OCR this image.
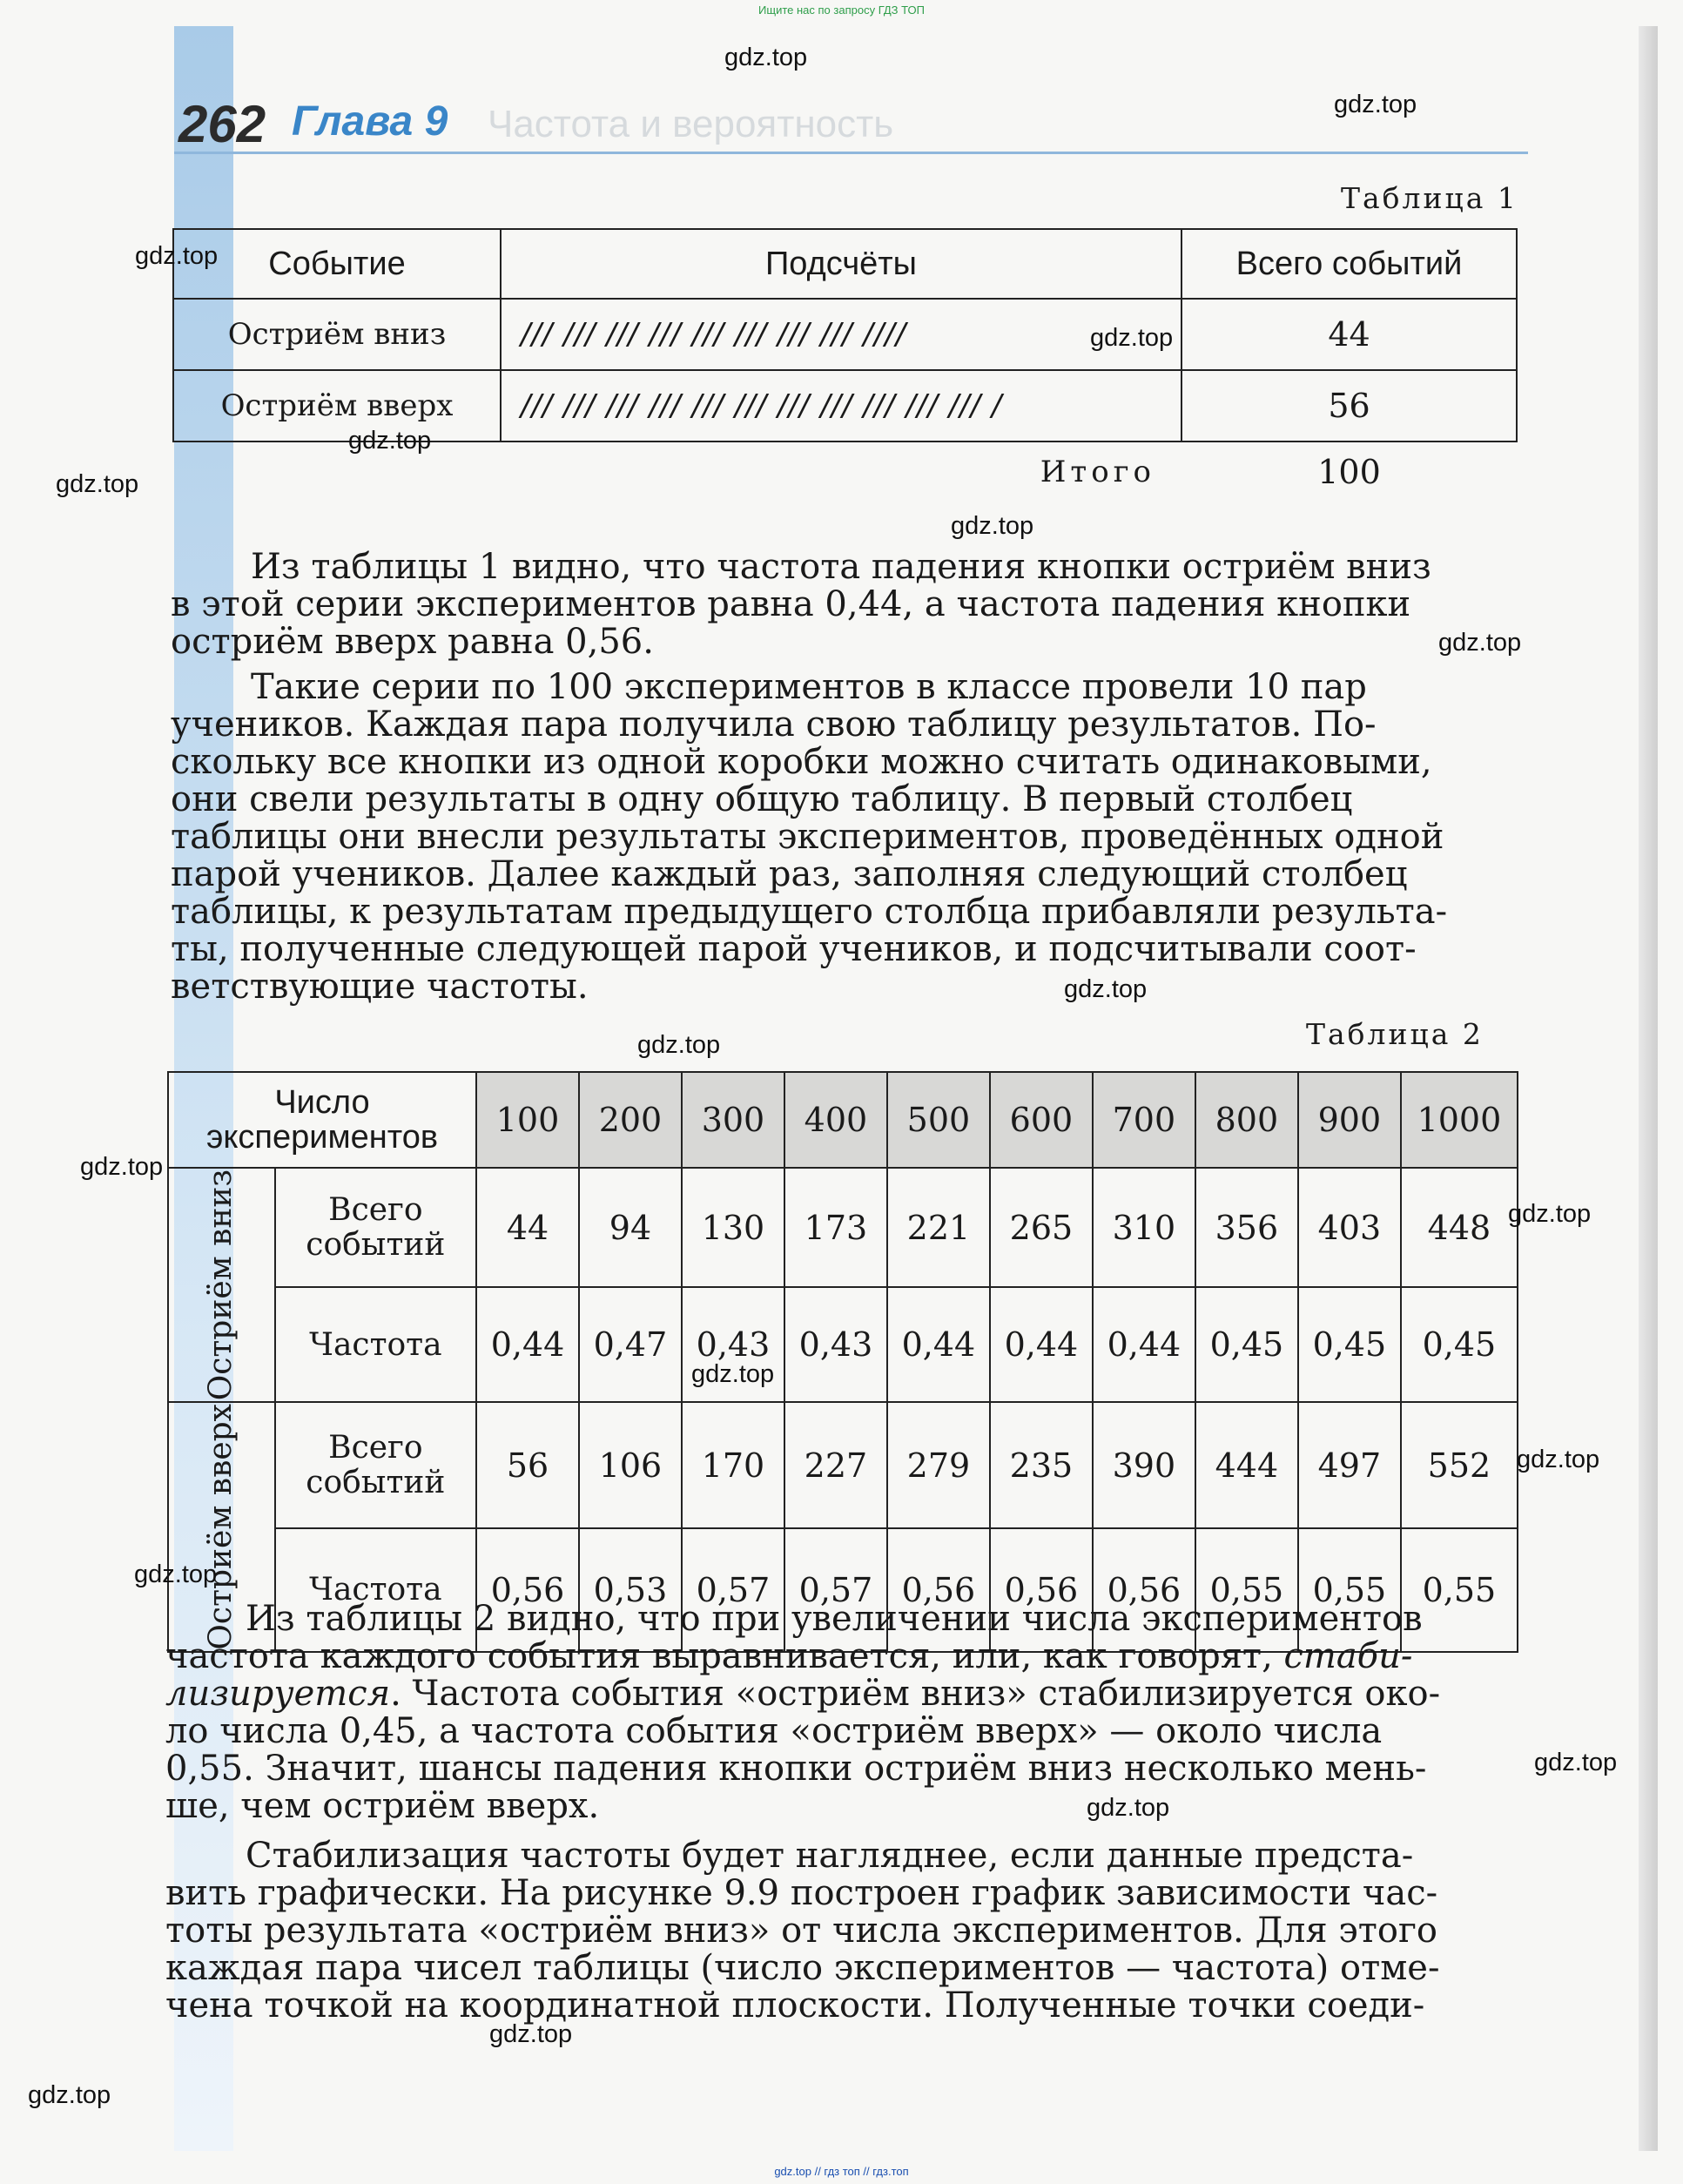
Ищите нас по запросу ГДЗ ТОП
262 Глава 9 Частота и вероятность
Таблица 1
Событие	Подсчёты	Всего событий
Остриём вниз	/// /// /// /// /// /// /// /// ////	44
Остриём вверх	/// /// /// /// /// /// /// /// /// /// /// /	56
	Итого	100
Из таблицы 1 видно, что частота падения кнопки остриём вниз
в этой серии экспериментов равна 0,44, а частота падения кнопки
остриём вверх равна 0,56.
Такие серии по 100 экспериментов в классе провели 10 пар
учеников. Каждая пара получила свою таблицу результатов. По-
скольку все кнопки из одной коробки можно считать одинаковыми,
они свели результаты в одну общую таблицу. В первый столбец
таблицы они внесли результаты экспериментов, проведённых одной
парой учеников. Далее каждый раз, заполняя следующий столбец
таблицы, к результатам предыдущего столбца прибавляли результа-
ты, полученные следующей парой учеников, и подсчитывали соот-
ветствующие частоты.
Таблица 2
Число экспериментов		100	200	300	400	500	600	700	800	900	1000

Остриём вниз	Всего событий	44	94	130	173	221	265	310	356	403	448
	Частота	0,44	0,47	0,43	0,43	0,44	0,44	0,44	0,45	0,45	0,45

Остриём вверх	Всего событий	56	106	170	227	279	235	390	444	497	552
	Частота	0,56	0,53	0,57	0,57	0,56	0,56	0,56	0,55	0,55	0,55
Из таблицы 2 видно, что при увеличении числа экспериментов
частота каждого события выравнивается, или, как говорят, стаби-
лизируется. Частота события «остриём вниз» стабилизируется око-
ло числа 0,45, а частота события «остриём вверх» — около числа
0,55. Значит, шансы падения кнопки остриём вниз несколько мень-
ше, чем остриём вверх.
Стабилизация частоты будет нагляднее, если данные предста-
вить графически. На рисунке 9.9 построен график зависимости час-
тоты результата «остриём вниз» от числа экспериментов. Для этого
каждая пара чисел таблицы (число экспериментов — частота) отме-
чена точкой на координатной плоскости. Полученные точки соеди-
gdz.top
gdz.top
gdz.top
gdz.top
gdz.top
gdz.top
gdz.top
gdz.top
gdz.top
gdz.top
gdz.top
gdz.top
gdz.top
gdz.top
gdz.top
gdz.top
gdz.top
gdz.top
gdz.top
gdz.top // гдз топ // гдз.топ
